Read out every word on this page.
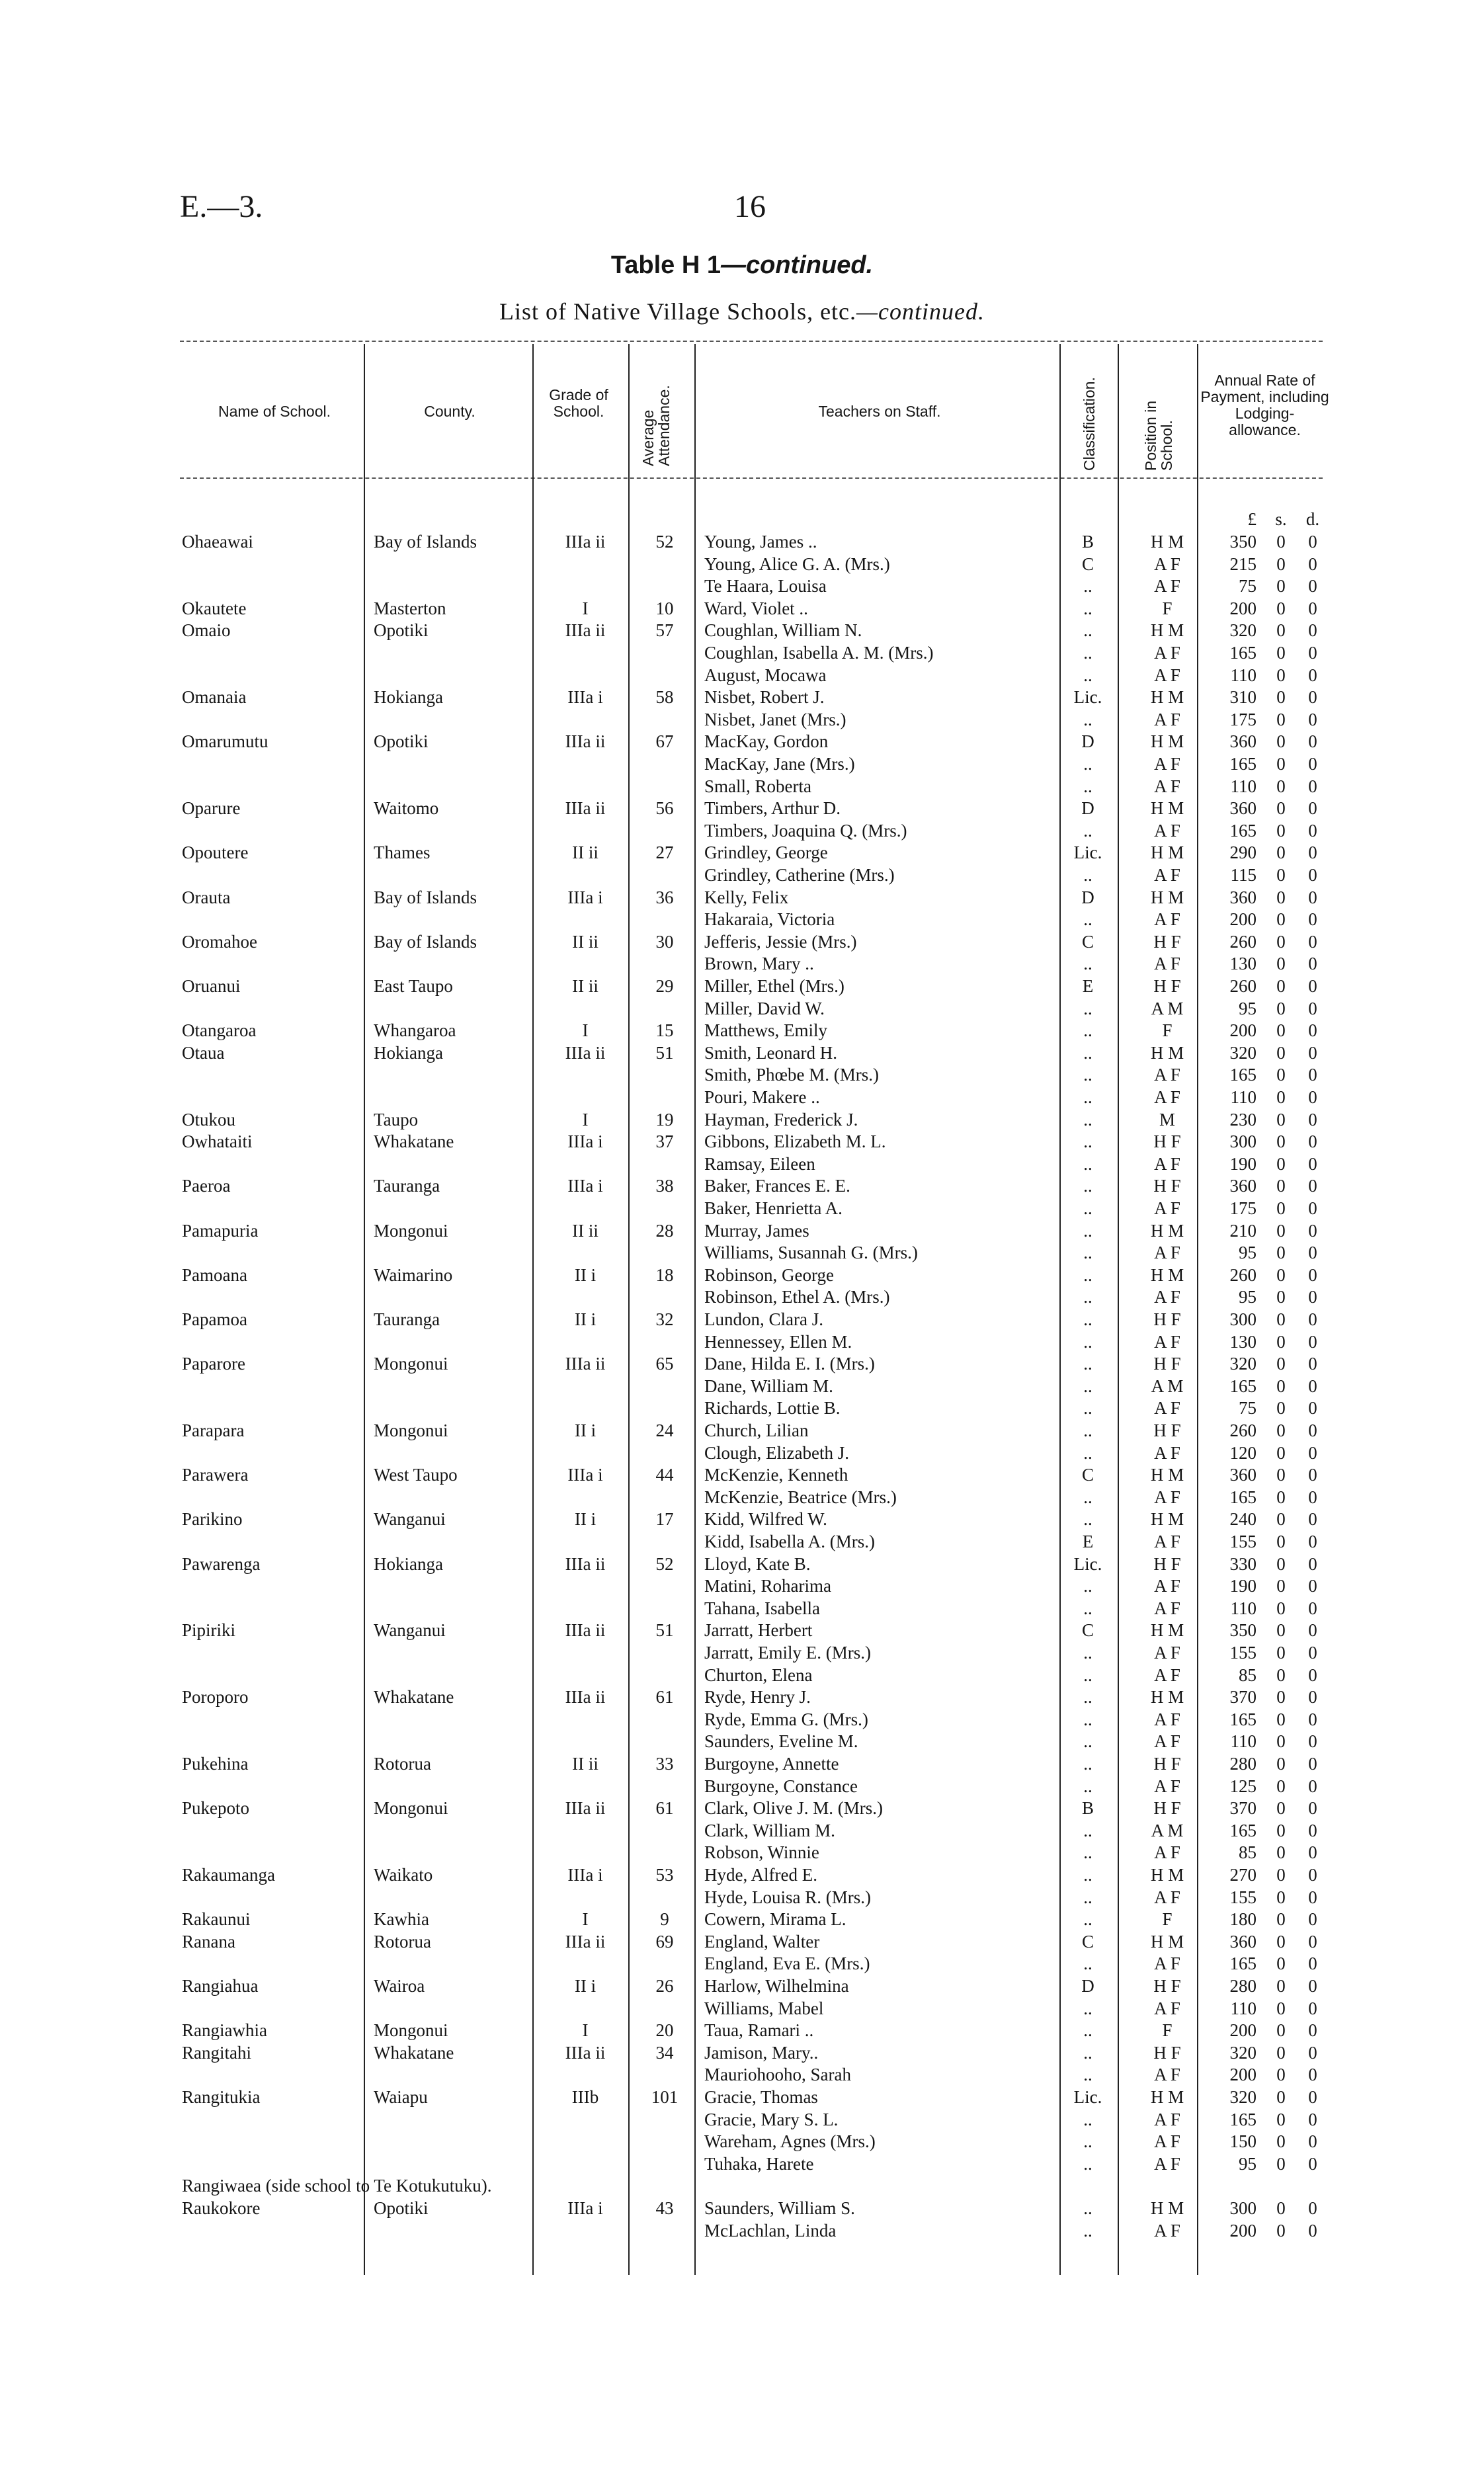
E.—3.	16
Table H 1—continued.
List of Native Village Schools, etc.—continued.
Name of School.	County.
Grade of School.	Average Attendance.	Teachers on Staff.	Classification.	Position in School.
Annual Rate of Payment, including Lodging-allowance.
£ s. d.
Ohaeawai	Bay of Islands	IIIa ii	52	Young, James ..	B	H M	350	0	0
Young, Alice G. A. (Mrs.)	C	A F	215	0	0
Te Haara, Louisa	..	A F	75	0	0
Okautete	Masterton	I	10	Ward, Violet ..	..	F	200	0	0
Omaio	Opotiki	IIIa ii	57	Coughlan, William N.	..	H M	320	0	0
Coughlan, Isabella A. M. (Mrs.)	..	A F	165	0	0
August, Mocawa	..	A F	110	0	0
Omanaia	Hokianga	IIIa i	58	Nisbet, Robert J.	Lic.	H M	310	0	0
Nisbet, Janet (Mrs.)	..	A F	175	0	0
Omarumutu	Opotiki	IIIa ii	67	MacKay, Gordon	D	H M	360	0	0
MacKay, Jane (Mrs.)	..	A F	165	0	0
Small, Roberta	..	A F	110	0	0
Oparure	Waitomo	IIIa ii	56	Timbers, Arthur D.	D	H M	360	0	0
Timbers, Joaquina Q. (Mrs.)	..	A F	165	0	0
Opoutere	Thames	II ii	27	Grindley, George	Lic.	H M	290	0	0
Grindley, Catherine (Mrs.)	..	A F	115	0	0
Orauta	Bay of Islands	IIIa i	36	Kelly, Felix	D	H M	360	0	0
Hakaraia, Victoria	..	A F	200	0	0
Oromahoe	Bay of Islands	II ii	30	Jefferis, Jessie (Mrs.)	C	H F	260	0	0
Brown, Mary ..	..	A F	130	0	0
Oruanui	East Taupo	II ii	29	Miller, Ethel (Mrs.)	E	H F	260	0	0
Miller, David W.	..	A M	95	0	0
Otangaroa	Whangaroa	I	15	Matthews, Emily	..	F	200	0	0
Otaua	Hokianga	IIIa ii	51	Smith, Leonard H.	..	H M	320	0	0
Smith, Phœbe M. (Mrs.)	..	A F	165	0	0
Pouri, Makere ..	..	A F	110	0	0
Otukou	Taupo	I	19	Hayman, Frederick J.	..	M	230	0	0
Owhataiti	Whakatane	IIIa i	37	Gibbons, Elizabeth M. L.	..	H F	300	0	0
Ramsay, Eileen	..	A F	190	0	0
Paeroa	Tauranga	IIIa i	38	Baker, Frances E. E.	..	H F	360	0	0
Baker, Henrietta A.	..	A F	175	0	0
Pamapuria	Mongonui	II ii	28	Murray, James	..	H M	210	0	0
Williams, Susannah G. (Mrs.)	..	A F	95	0	0
Pamoana	Waimarino	II i	18	Robinson, George	..	H M	260	0	0
Robinson, Ethel A. (Mrs.)	..	A F	95	0	0
Papamoa	Tauranga	II i	32	Lundon, Clara J.	..	H F	300	0	0
Hennessey, Ellen M.	..	A F	130	0	0
Paparore	Mongonui	IIIa ii	65	Dane, Hilda E. I. (Mrs.)	..	H F	320	0	0
Dane, William M.	..	A M	165	0	0
Richards, Lottie B.	..	A F	75	0	0
Parapara	Mongonui	II i	24	Church, Lilian	..	H F	260	0	0
Clough, Elizabeth J.	..	A F	120	0	0
Parawera	West Taupo	IIIa i	44	McKenzie, Kenneth	C	H M	360	0	0
McKenzie, Beatrice (Mrs.)	..	A F	165	0	0
Parikino	Wanganui	II i	17	Kidd, Wilfred W.	..	H M	240	0	0
Kidd, Isabella A. (Mrs.)	E	A F	155	0	0
Pawarenga	Hokianga	IIIa ii	52	Lloyd, Kate B.	Lic.	H F	330	0	0
Matini, Roharima	..	A F	190	0	0
Tahana, Isabella	..	A F	110	0	0
Pipiriki	Wanganui	IIIa ii	51	Jarratt, Herbert	C	H M	350	0	0
Jarratt, Emily E. (Mrs.)	..	A F	155	0	0
Churton, Elena	..	A F	85	0	0
Poroporo	Whakatane	IIIa ii	61	Ryde, Henry J.	..	H M	370	0	0
Ryde, Emma G. (Mrs.)	..	A F	165	0	0
Saunders, Eveline M.	..	A F	110	0	0
Pukehina	Rotorua	II ii	33	Burgoyne, Annette	..	H F	280	0	0
Burgoyne, Constance	..	A F	125	0	0
Pukepoto	Mongonui	IIIa ii	61	Clark, Olive J. M. (Mrs.)	B	H F	370	0	0
Clark, William M.	..	A M	165	0	0
Robson, Winnie	..	A F	85	0	0
Rakaumanga	Waikato	IIIa i	53	Hyde, Alfred E.	..	H M	270	0	0
Hyde, Louisa R. (Mrs.)	..	A F	155	0	0
Rakaunui	Kawhia	I	9	Cowern, Mirama L.	..	F	180	0	0
Ranana	Rotorua	IIIa ii	69	England, Walter	C	H M	360	0	0
England, Eva E. (Mrs.)	..	A F	165	0	0
Rangiahua	Wairoa	II i	26	Harlow, Wilhelmina	D	H F	280	0	0
Williams, Mabel	..	A F	110	0	0
Rangiawhia	Mongonui	I	20	Taua, Ramari ..	..	F	200	0	0
Rangitahi	Whakatane	IIIa ii	34	Jamison, Mary..	..	H F	320	0	0
Mauriohooho, Sarah	..	A F	200	0	0
Rangitukia	Waiapu	IIIb	101	Gracie, Thomas	Lic.	H M	320	0	0
Gracie, Mary S. L.	..	A F	165	0	0
Wareham, Agnes (Mrs.)	..	A F	150	0	0
Tuhaka, Harete	..	A F	95	0	0
Rangiwaea (side school to Te Kotukutuku).
Raukokore	Opotiki	IIIa i	43	Saunders, William S.	..	H M	300	0	0
McLachlan, Linda	..	A F	200	0	0
